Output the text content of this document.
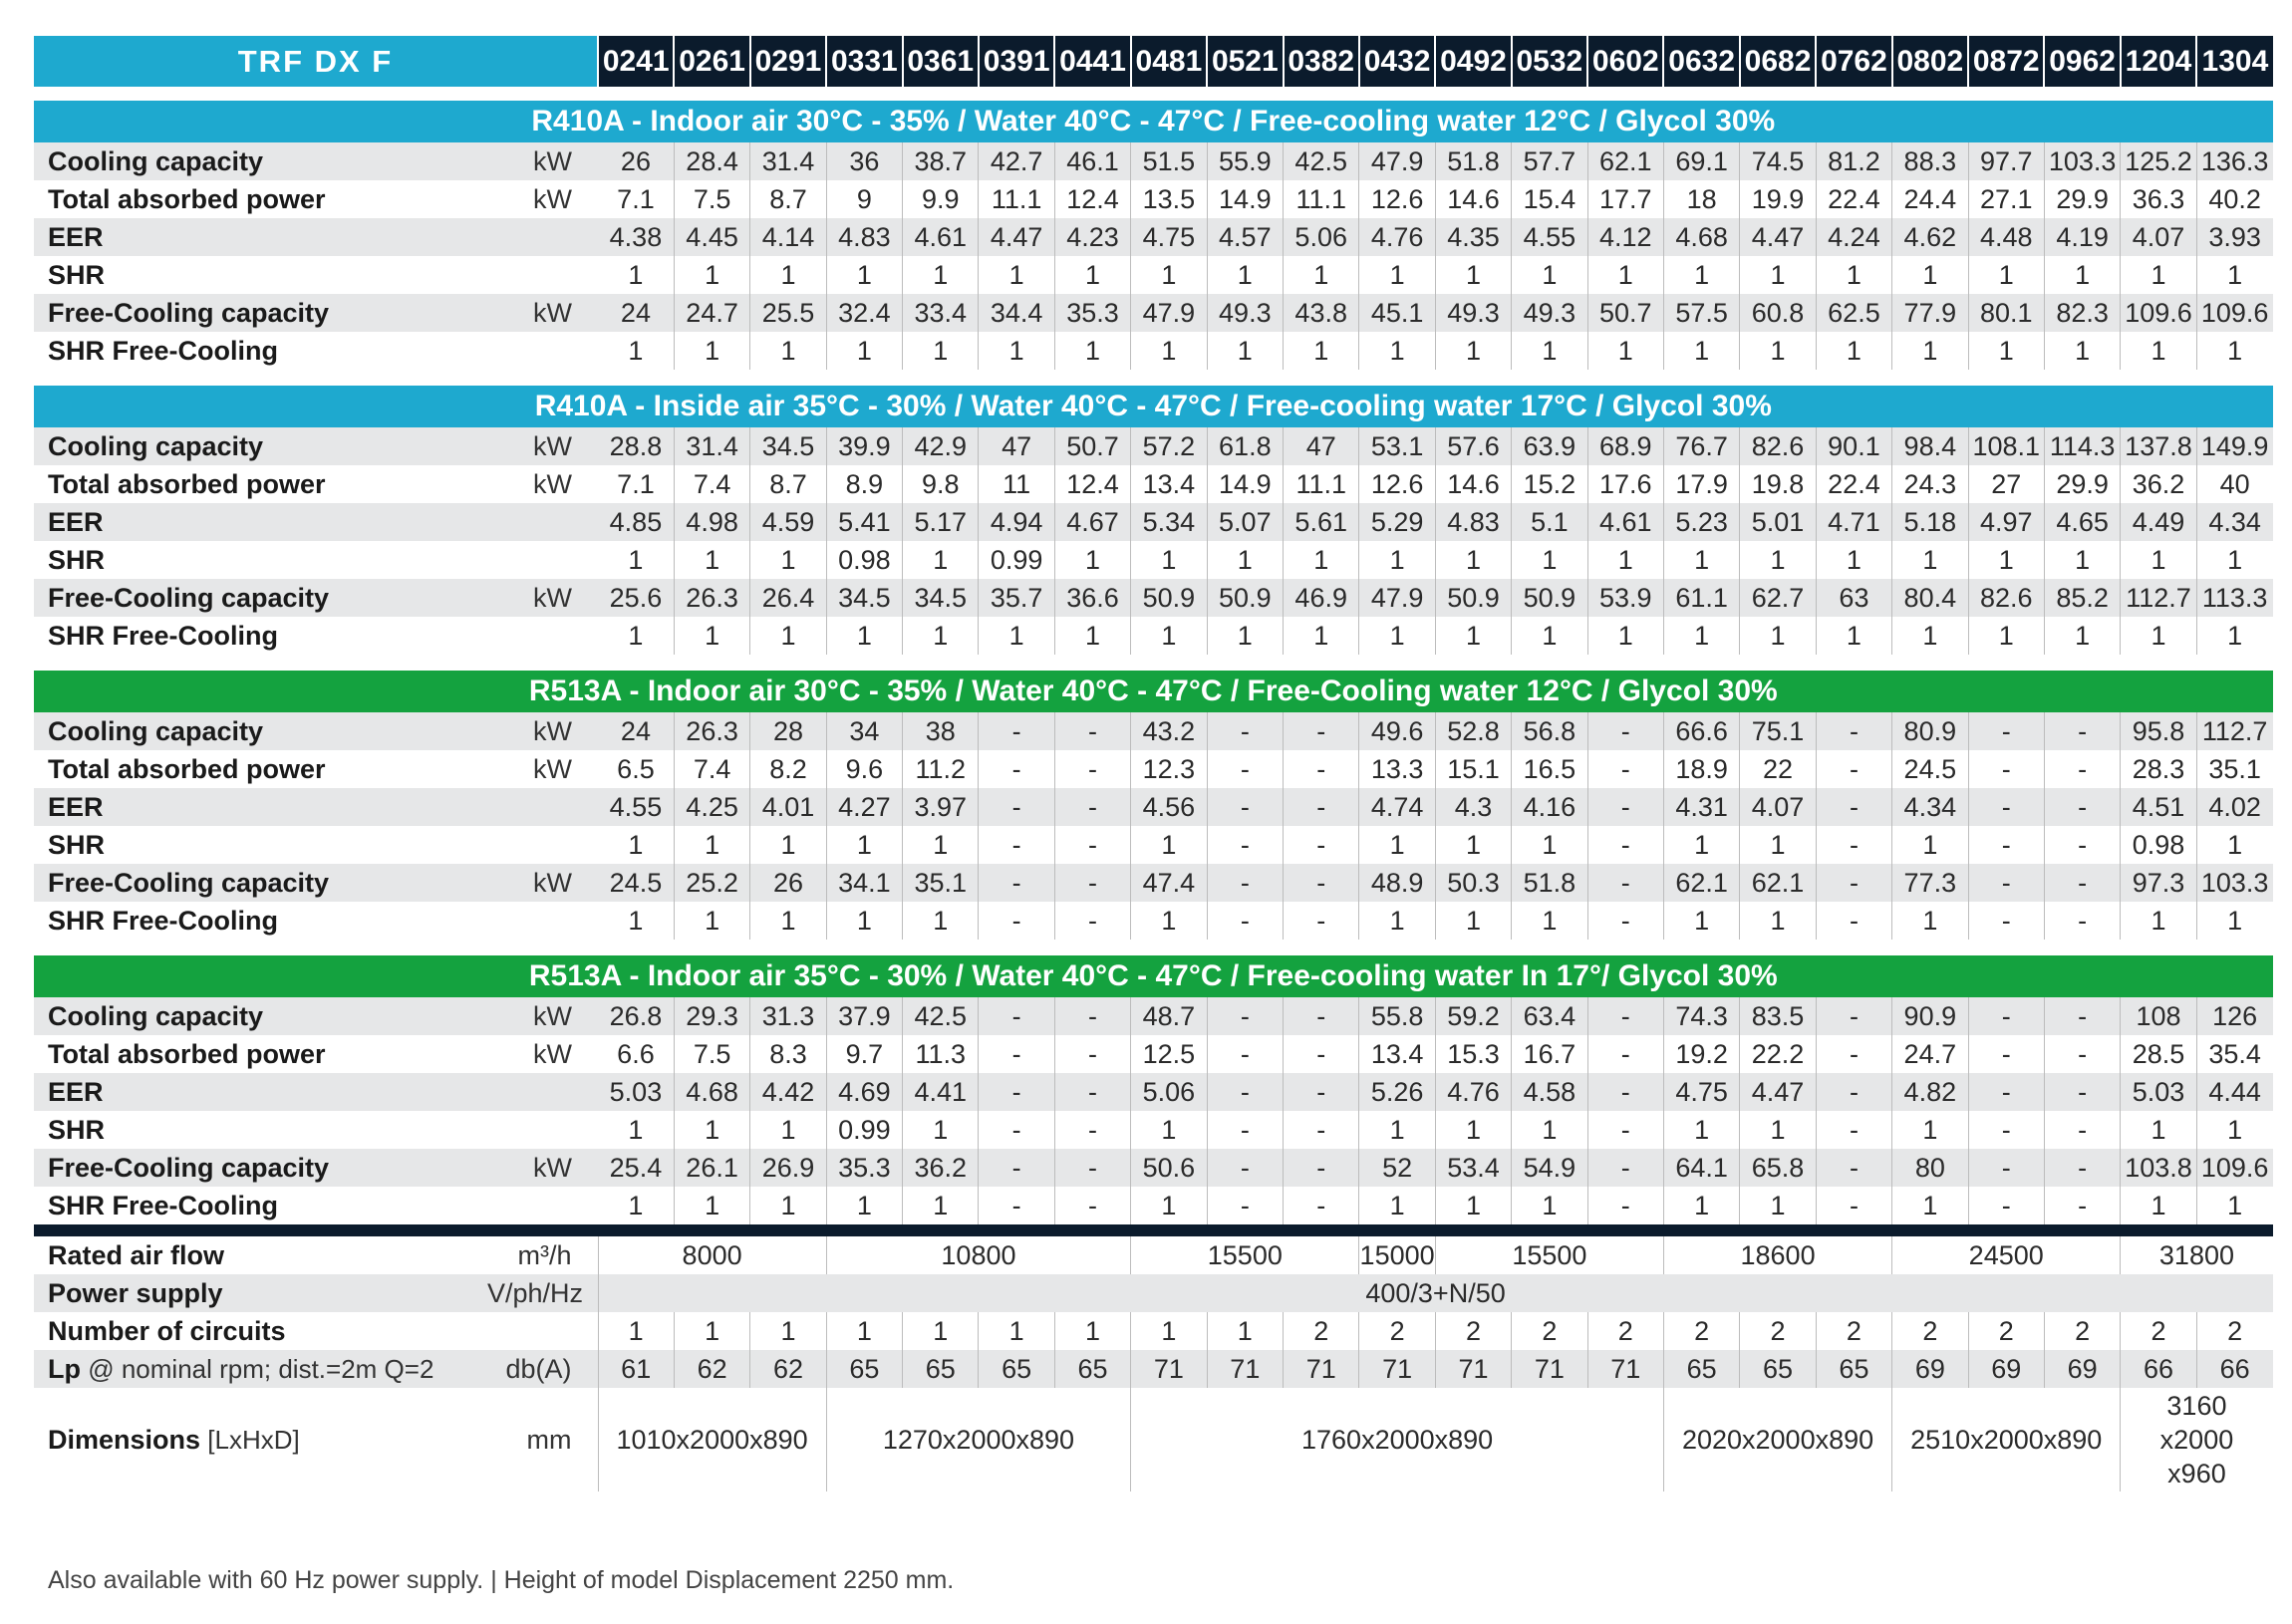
TRF DX F		0241	0261	0291	0331	0361	0391	0441	0481	0521	0382	0432	0492	0532	0602	0632	0682	0762	0802	0872	0962	1204	1304

R410A - Indoor air 30°C - 35% / Water 40°C - 47°C / Free-cooling water 12°C / Glycol 30%																							
Cooling capacity	kW	26	28.4	31.4	36	38.7	42.7	46.1	51.5	55.9	42.5	47.9	51.8	57.7	62.1	69.1	74.5	81.2	88.3	97.7	103.3	125.2	136.3
Total absorbed power	kW	7.1	7.5	8.7	9	9.9	11.1	12.4	13.5	14.9	11.1	12.6	14.6	15.4	17.7	18	19.9	22.4	24.4	27.1	29.9	36.3	40.2
EER		4.38	4.45	4.14	4.83	4.61	4.47	4.23	4.75	4.57	5.06	4.76	4.35	4.55	4.12	4.68	4.47	4.24	4.62	4.48	4.19	4.07	3.93
SHR		1	1	1	1	1	1	1	1	1	1	1	1	1	1	1	1	1	1	1	1	1	1
Free-Cooling capacity	kW	24	24.7	25.5	32.4	33.4	34.4	35.3	47.9	49.3	43.8	45.1	49.3	49.3	50.7	57.5	60.8	62.5	77.9	80.1	82.3	109.6	109.6
SHR Free-Cooling		1	1	1	1	1	1	1	1	1	1	1	1	1	1	1	1	1	1	1	1	1	1

R410A - Inside air 35°C - 30% / Water 40°C - 47°C / Free-cooling water 17°C / Glycol 30%																							
Cooling capacity	kW	28.8	31.4	34.5	39.9	42.9	47	50.7	57.2	61.8	47	53.1	57.6	63.9	68.9	76.7	82.6	90.1	98.4	108.1	114.3	137.8	149.9
Total absorbed power	kW	7.1	7.4	8.7	8.9	9.8	11	12.4	13.4	14.9	11.1	12.6	14.6	15.2	17.6	17.9	19.8	22.4	24.3	27	29.9	36.2	40
EER		4.85	4.98	4.59	5.41	5.17	4.94	4.67	5.34	5.07	5.61	5.29	4.83	5.1	4.61	5.23	5.01	4.71	5.18	4.97	4.65	4.49	4.34
SHR		1	1	1	0.98	1	0.99	1	1	1	1	1	1	1	1	1	1	1	1	1	1	1	1
Free-Cooling capacity	kW	25.6	26.3	26.4	34.5	34.5	35.7	36.6	50.9	50.9	46.9	47.9	50.9	50.9	53.9	61.1	62.7	63	80.4	82.6	85.2	112.7	113.3
SHR Free-Cooling		1	1	1	1	1	1	1	1	1	1	1	1	1	1	1	1	1	1	1	1	1	1

R513A - Indoor air 30°C - 35% / Water 40°C - 47°C / Free-Cooling water 12°C / Glycol 30%																							
Cooling capacity	kW	24	26.3	28	34	38	-	-	43.2	-	-	49.6	52.8	56.8	-	66.6	75.1	-	80.9	-	-	95.8	112.7
Total absorbed power	kW	6.5	7.4	8.2	9.6	11.2	-	-	12.3	-	-	13.3	15.1	16.5	-	18.9	22	-	24.5	-	-	28.3	35.1
EER		4.55	4.25	4.01	4.27	3.97	-	-	4.56	-	-	4.74	4.3	4.16	-	4.31	4.07	-	4.34	-	-	4.51	4.02
SHR		1	1	1	1	1	-	-	1	-	-	1	1	1	-	1	1	-	1	-	-	0.98	1
Free-Cooling capacity	kW	24.5	25.2	26	34.1	35.1	-	-	47.4	-	-	48.9	50.3	51.8	-	62.1	62.1	-	77.3	-	-	97.3	103.3
SHR Free-Cooling		1	1	1	1	1	-	-	1	-	-	1	1	1	-	1	1	-	1	-	-	1	1

R513A - Indoor air 35°C - 30% / Water 40°C - 47°C / Free-cooling water In 17°/ Glycol 30%																							
Cooling capacity	kW	26.8	29.3	31.3	37.9	42.5	-	-	48.7	-	-	55.8	59.2	63.4	-	74.3	83.5	-	90.9	-	-	108	126
Total absorbed power	kW	6.6	7.5	8.3	9.7	11.3	-	-	12.5	-	-	13.4	15.3	16.7	-	19.2	22.2	-	24.7	-	-	28.5	35.4
EER		5.03	4.68	4.42	4.69	4.41	-	-	5.06	-	-	5.26	4.76	4.58	-	4.75	4.47	-	4.82	-	-	5.03	4.44
SHR		1	1	1	0.99	1	-	-	1	-	-	1	1	1	-	1	1	-	1	-	-	1	1
Free-Cooling capacity	kW	25.4	26.1	26.9	35.3	36.2	-	-	50.6	-	-	52	53.4	54.9	-	64.1	65.8	-	80	-	-	103.8	109.6
SHR Free-Cooling		1	1	1	1	1	-	-	1	-	-	1	1	1	-	1	1	-	1	-	-	1	1

Rated air flow	m³/h	8000			10800				15500			15000	15500			18600			24500			31800	
Power supply	V/ph/Hz	400/3+N/50																					
Number of circuits		1	1	1	1	1	1	1	1	1	2	2	2	2	2	2	2	2	2	2	2	2	2
Lp @ nominal rpm; dist.=2m Q=2	db(A)	61	62	62	65	65	65	65	71	71	71	71	71	71	71	65	65	65	69	69	69	66	66
Dimensions [LxHxD]	mm	1010x2000x890			1270x2000x890				1760x2000x890							2020x2000x890			2510x2000x890			3160 x2000 x960	
Also available with 60 Hz power supply. | Height of model Displacement 2250 mm.
